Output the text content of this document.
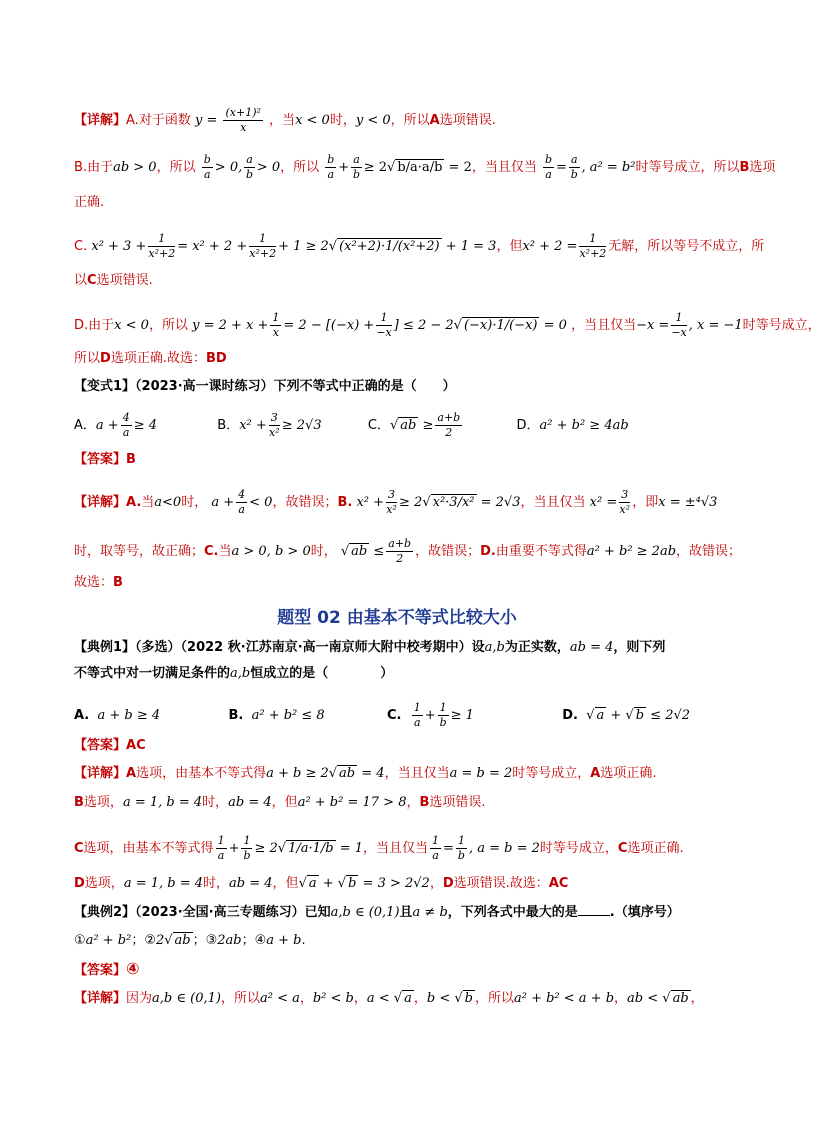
【详解】A.对于函数 $y = \frac{\text{(x+1)²}}{x}$ ，当x < 0时，y < 0，所以A选项错误.
B.由于ab > 0，所以 $\frac{b}{a} > 0$, $\frac{a}{b} > 0$，所以 $\frac{b}{a} + \frac{a}{b} \ge 2√$ b/a·a/b = 2，当且仅当 $\frac{b}{a} = \frac{a}{b}$ , a² = b²时等号成立，所以B选项
正确.
C. $x^2 + 3 + \frac{1}{\text{x²+2}} = x^2 + 2 + \frac{1}{\text{x²+2}} + 1 \ge 2√$ (x²+2)·1/(x²+2) + 1 = 3，但$x^2 + 2 = \frac{1}{\text{x²+2}}$ 无解，所以等号不成立，所
以C选项错误.
D.由于x < 0，所以 $y = 2 + x + \frac{1}{x} = 2 - [(-x) + \frac{1}{-x}$ ] ≤ 2 − 2√ (−x)·1/(−x) = 0 ，当且仅当$-x = \frac{1}{-x}$ , x = −1时等号成立，
所以D选项正确.故选：BD
【变式1】（2023·高一课时练习）下列不等式中正确的是（　　）
A．$a + \frac{4}{a} \ge 4$	B．$x^2 + \frac{3}{\text{x²}} \ge 2√3$	C．√ ab ≥ $\frac{a+b}{2}$	D．a² + b² ≥ 4ab
【答案】B
【详解】A.当a<0时， $a + \frac{4}{a} < 0$，故错误；B. $x^2 + \frac{3}{\text{x²}} \ge 2√$ x²·3/x² = 2√3，当且仅当 $x^2 = \frac{3}{\text{x²}}$ ，即x = ±⁴√3
时，取等号，故正确；C.当a > 0, b > 0时， √ ab ≤ $\frac{a+b}{2}$ ，故错误；D.由重要不等式得a² + b² ≥ 2ab，故错误；
故选：B
题型 02 由基本不等式比较大小
【典例1】（多选）（2022 秋·江苏南京·高一南京师大附中校考期中）设a,b为正实数，ab = 4，则下列
不等式中对一切满足条件的a,b恒成立的是（　　　　）
A. a + b ≥ 4	B. a² + b² ≤ 8	C. $\frac{1}{a} + \frac{1}{b} \ge 1$	D. √ a + √ b ≤ 2√2
【答案】AC
【详解】A选项，由基本不等式得a + b ≥ 2√ ab = 4，当且仅当a = b = 2时等号成立，A选项正确.
B选项，a = 1, b = 4时，ab = 4，但a² + b² = 17 > 8，B选项错误.
C选项，由基本不等式得 $\frac{1}{a} + \frac{1}{b} \ge 2√$ 1/a·1/b = 1，当且仅当 $\frac{1}{a} = \frac{1}{b}$ , a = b = 2时等号成立，C选项正确.
D选项，a = 1, b = 4时，ab = 4，但√ a + √ b = 3 > 2√2，D选项错误.故选：AC
【典例2】（2023·全国·高三专题练习）已知a,b ∈ (0,1)且a ≠ b，下列各式中最大的是 .（填序号）
①a² + b²；②2√ ab ；③2ab；④a + b.
【答案】④
【详解】因为a,b ∈ (0,1)，所以a² < a，b² < b，a < √ a ，b < √ b ，所以a² + b² < a + b，ab < √ ab ，
